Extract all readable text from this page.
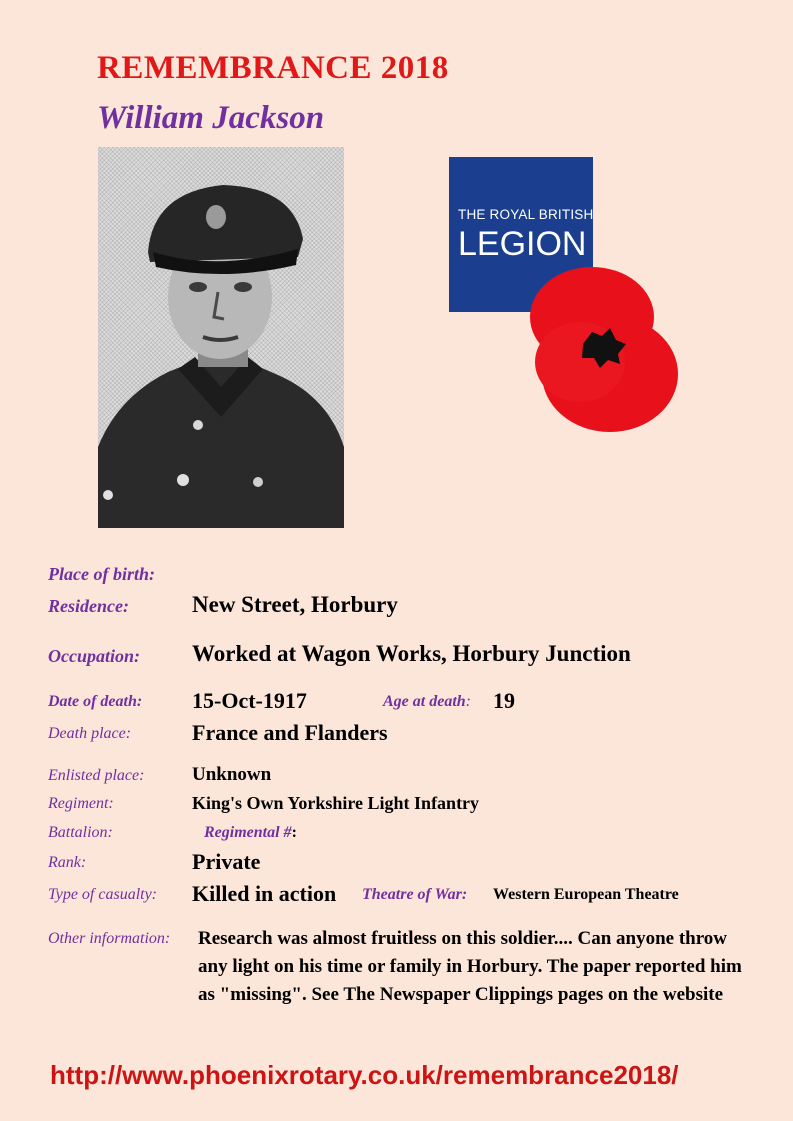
REMEMBRANCE 2018
William Jackson
THE ROYAL BRITISH
LEGION
Place of birth:
Residence:	New Street, Horbury
Occupation: Worked at Wagon Works, Horbury Junction
Date of death: 15-Oct-1917	Age at death: 19
Death place:	France and Flanders
Enlisted place:	Unknown
Regiment:	King's Own Yorkshire Light Infantry
Battalion:	Regimental #:
Rank:	Private
Type of casualty: Killed in action Theatre of War: Western European Theatre
Other information: Research was almost fruitless on this soldier.... Can anyone throw any light on his time or family in Horbury. The paper reported him as "missing". See The Newspaper Clippings pages on the website
http://www.phoenixrotary.co.uk/remembrance2018/
